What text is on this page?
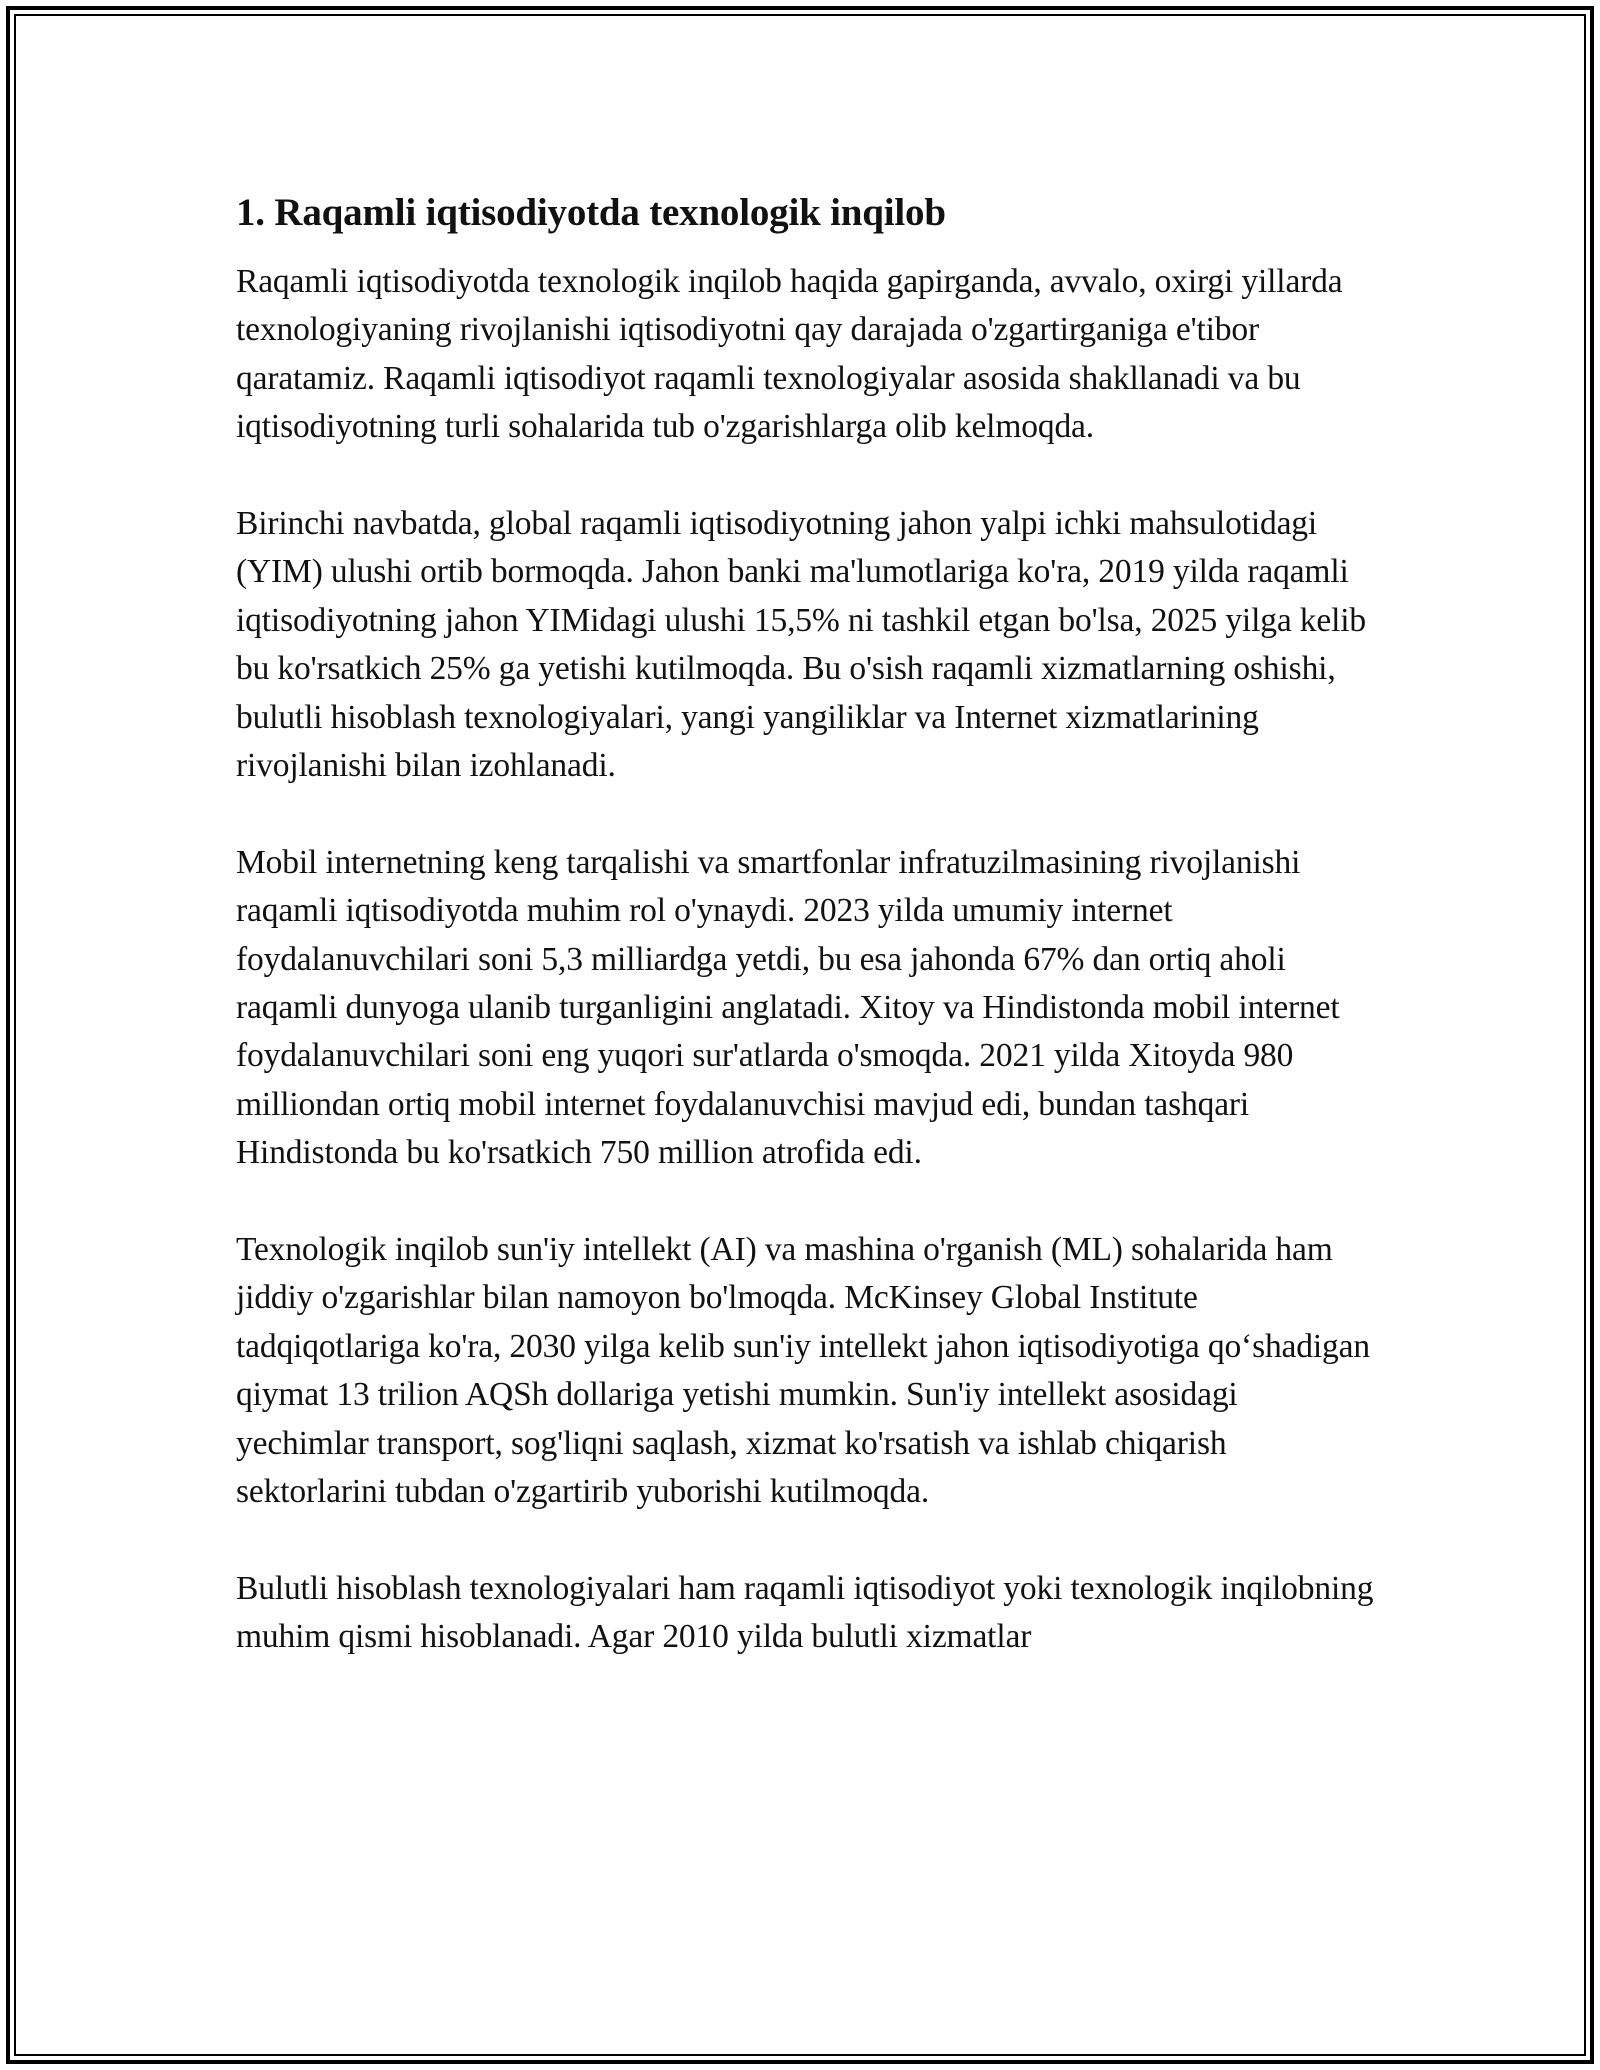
1. Raqamli iqtisodiyotda texnologik inqilob

Raqamli iqtisodiyotda texnologik inqilob haqida gapirganda, avvalo, oxirgi yillarda texnologiyaning rivojlanishi iqtisodiyotni qay darajada o'zgartirganiga e'tibor qaratamiz. Raqamli iqtisodiyot raqamli texnologiyalar asosida shakllanadi va bu iqtisodiyotning turli sohalarida tub o'zgarishlarga olib kelmoqda.

Birinchi navbatda, global raqamli iqtisodiyotning jahon yalpi ichki mahsulotidagi (YIM) ulushi ortib bormoqda. Jahon banki ma'lumotlariga ko'ra, 2019 yilda raqamli iqtisodiyotning jahon YIMidagi ulushi 15,5% ni tashkil etgan bo'lsa, 2025 yilga kelib bu ko'rsatkich 25% ga yetishi kutilmoqda. Bu o'sish raqamli xizmatlarning oshishi, bulutli hisoblash texnologiyalari, yangi yangiliklar va Internet xizmatlarining rivojlanishi bilan izohlanadi.

Mobil internetning keng tarqalishi va smartfonlar infratuzilmasining rivojlanishi raqamli iqtisodiyotda muhim rol o'ynaydi. 2023 yilda umumiy internet foydalanuvchilari soni 5,3 milliardga yetdi, bu esa jahonda 67% dan ortiq aholi raqamli dunyoga ulanib turganligini anglatadi. Xitoy va Hindistonda mobil internet foydalanuvchilari soni eng yuqori sur'atlarda o'smoqda. 2021 yilda Xitoyda 980 milliondan ortiq mobil internet foydalanuvchisi mavjud edi, bundan tashqari Hindistonda bu ko'rsatkich 750 million atrofida edi.

Texnologik inqilob sun'iy intellekt (AI) va mashina o'rganish (ML) sohalarida ham jiddiy o'zgarishlar bilan namoyon bo'lmoqda. McKinsey Global Institute tadqiqotlariga ko'ra, 2030 yilga kelib sun'iy intellekt jahon iqtisodiyotiga qo‘shadigan qiymat 13 trilion AQSh dollariga yetishi mumkin. Sun'iy intellekt asosidagi yechimlar transport, sog'liqni saqlash, xizmat ko'rsatish va ishlab chiqarish sektorlarini tubdan o'zgartirib yuborishi kutilmoqda.

Bulutli hisoblash texnologiyalari ham raqamli iqtisodiyot yoki texnologik inqilobning muhim qismi hisoblanadi. Agar 2010 yilda bulutli xizmatlar
